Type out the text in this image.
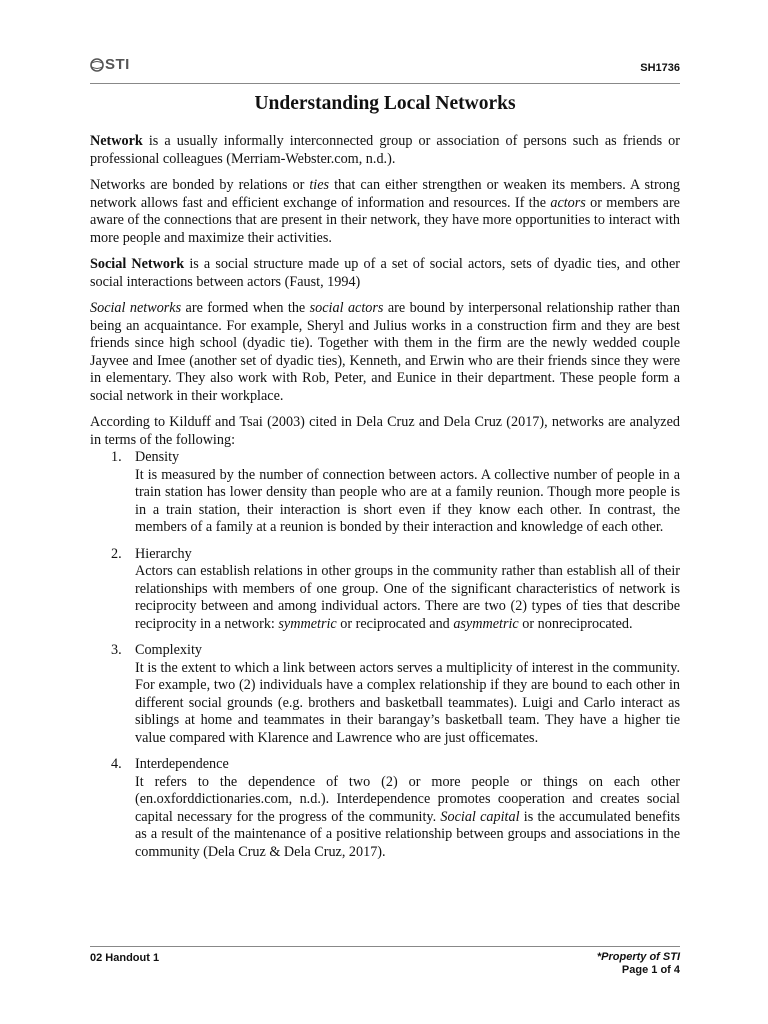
STI	SH1736
Understanding Local Networks

Network is a usually informally interconnected group or association of persons such as friends or professional colleagues (Merriam-Webster.com, n.d.).

Networks are bonded by relations or ties that can either strengthen or weaken its members. A strong network allows fast and efficient exchange of information and resources. If the actors or members are aware of the connections that are present in their network, they have more opportunities to interact with more people and maximize their activities.

Social Network is a social structure made up of a set of social actors, sets of dyadic ties, and other social interactions between actors (Faust, 1994)

Social networks are formed when the social actors are bound by interpersonal relationship rather than being an acquaintance. For example, Sheryl and Julius works in a construction firm and they are best friends since high school (dyadic tie). Together with them in the firm are the newly wedded couple Jayvee and Imee (another set of dyadic ties), Kenneth, and Erwin who are their friends since they were in elementary. They also work with Rob, Peter, and Eunice in their department. These people form a social network in their workplace.

According to Kilduff and Tsai (2003) cited in Dela Cruz and Dela Cruz (2017), networks are analyzed in terms of the following:

1. Density
It is measured by the number of connection between actors. A collective number of people in a train station has lower density than people who are at a family reunion. Though more people is in a train station, their interaction is short even if they know each other. In contrast, the members of a family at a reunion is bonded by their interaction and knowledge of each other.
2. Hierarchy
Actors can establish relations in other groups in the community rather than establish all of their relationships with members of one group. One of the significant characteristics of network is reciprocity between and among individual actors. There are two (2) types of ties that describe reciprocity in a network: symmetric or reciprocated and asymmetric or nonreciprocated.
3. Complexity
It is the extent to which a link between actors serves a multiplicity of interest in the community. For example, two (2) individuals have a complex relationship if they are bound to each other in different social grounds (e.g. brothers and basketball teammates). Luigi and Carlo interact as siblings at home and teammates in their barangay’s basketball team. They have a higher tie value compared with Klarence and Lawrence who are just officemates.
4. Interdependence
It refers to the dependence of two (2) or more people or things on each other (en.oxforddictionaries.com, n.d.). Interdependence promotes cooperation and creates social capital necessary for the progress of the community. Social capital is the accumulated benefits as a result of the maintenance of a positive relationship between groups and associations in the community (Dela Cruz & Dela Cruz, 2017).
02 Handout 1	*Property of STI
Page 1 of 4
